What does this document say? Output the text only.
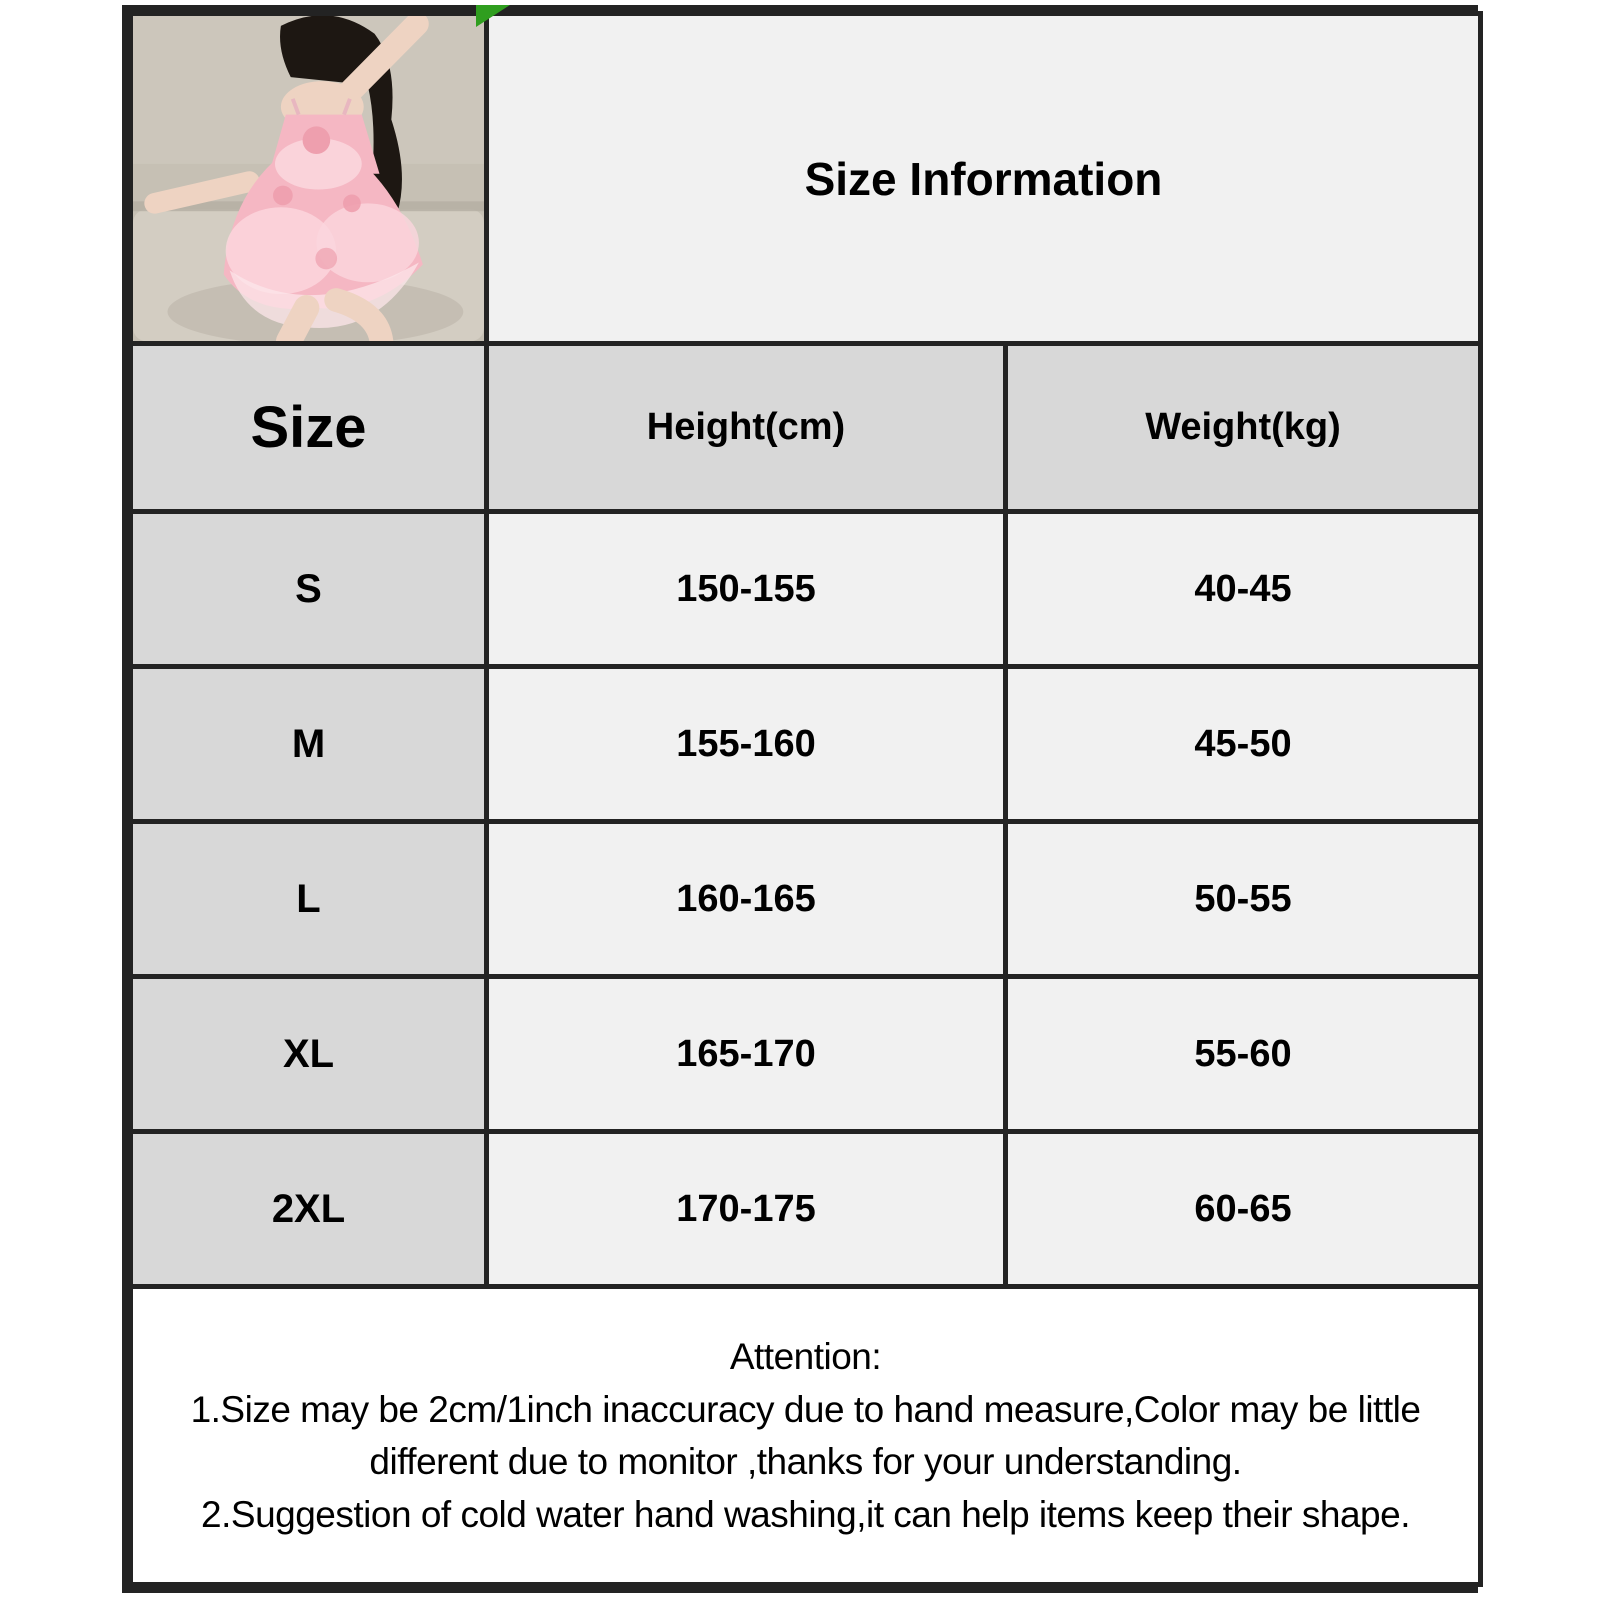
	Size Information	
Size	Height(cm)	Weight(kg)
S	150-155	40-45
M	155-160	45-50
L	160-165	50-55
XL	165-170	55-60
2XL	170-175	60-65

Attention:

1.Size may be 2cm/1inch inaccuracy due to hand measure,Color may be little different due to monitor ,thanks for your understanding.

2.Suggestion of cold water hand washing,it can help items keep their shape.		
